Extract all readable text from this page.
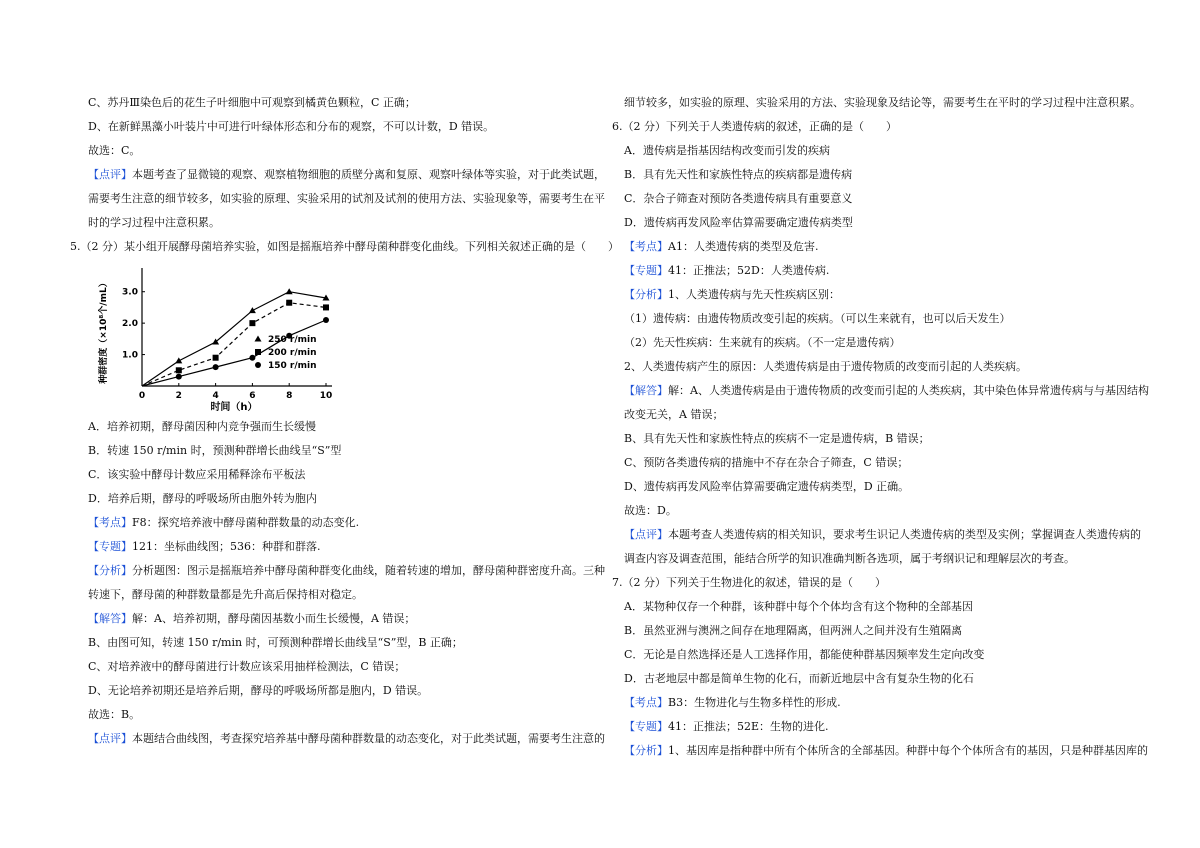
C、苏丹Ⅲ染色后的花生子叶细胞中可观察到橘黄色颗粒，C 正确；
D、在新鲜黑藻小叶装片中可进行叶绿体形态和分布的观察，不可以计数，D 错误。
故选：C。
【点评】本题考查了显微镜的观察、观察植物细胞的质壁分离和复原、观察叶绿体等实验，对于此类试题，
需要考生注意的细节较多，如实验的原理、实验采用的试剂及试剂的使用方法、实验现象等，需要考生在平
时的学习过程中注意积累。
5.（2 分）某小组开展酵母菌培养实验，如图是摇瓶培养中酵母菌种群变化曲线。下列相关叙述正确的是（　　）
0	2	4	6	8	10
1.0
2.0
3.0
时间（h）
种群密度（×10⁸个/mL）	250 r/min
200 r/min
150 r/min
A．培养初期，酵母菌因种内竞争强而生长缓慢
B．转速 150 r/min 时，预测种群增长曲线呈“S”型
C．该实验中酵母计数应采用稀释涂布平板法
D．培养后期，酵母的呼吸场所由胞外转为胞内
【考点】F8：探究培养液中酵母菌种群数量的动态变化.
【专题】121：坐标曲线图；536：种群和群落.
【分析】分析题图：图示是摇瓶培养中酵母菌种群变化曲线，随着转速的增加，酵母菌种群密度升高。三种
转速下，酵母菌的种群数量都是先升高后保持相对稳定。
【解答】解：A、培养初期，酵母菌因基数小而生长缓慢，A 错误；
B、由图可知，转速 150 r/min 时，可预测种群增长曲线呈“S”型，B 正确；
C、对培养液中的酵母菌进行计数应该采用抽样检测法，C 错误；
D、无论培养初期还是培养后期，酵母的呼吸场所都是胞内，D 错误。
故选：B。
【点评】本题结合曲线图，考查探究培养基中酵母菌种群数量的动态变化，对于此类试题，需要考生注意的
细节较多，如实验的原理、实验采用的方法、实验现象及结论等，需要考生在平时的学习过程中注意积累。
6.（2 分）下列关于人类遗传病的叙述，正确的是（　　）
A．遗传病是指基因结构改变而引发的疾病
B．具有先天性和家族性特点的疾病都是遗传病
C．杂合子筛查对预防各类遗传病具有重要意义
D．遗传病再发风险率估算需要确定遗传病类型
【考点】A1：人类遗传病的类型及危害.
【专题】41：正推法；52D：人类遗传病.
【分析】1、人类遗传病与先天性疾病区别：
（1）遗传病：由遗传物质改变引起的疾病。（可以生来就有，也可以后天发生）
（2）先天性疾病：生来就有的疾病。（不一定是遗传病）
2、人类遗传病产生的原因：人类遗传病是由于遗传物质的改变而引起的人类疾病。
【解答】解：A、人类遗传病是由于遗传物质的改变而引起的人类疾病，其中染色体异常遗传病与与基因结构
改变无关，A 错误；
B、具有先天性和家族性特点的疾病不一定是遗传病，B 错误；
C、预防各类遗传病的措施中不存在杂合子筛查，C 错误；
D、遗传病再发风险率估算需要确定遗传病类型，D 正确。
故选：D。
【点评】本题考查人类遗传病的相关知识，要求考生识记人类遗传病的类型及实例；掌握调查人类遗传病的
调查内容及调查范围，能结合所学的知识准确判断各选项，属于考纲识记和理解层次的考查。
7.（2 分）下列关于生物进化的叙述，错误的是（　　）
A．某物种仅存一个种群，该种群中每个个体均含有这个物种的全部基因
B．虽然亚洲与澳洲之间存在地理隔离，但两洲人之间并没有生殖隔离
C．无论是自然选择还是人工选择作用，都能使种群基因频率发生定向改变
D．古老地层中都是简单生物的化石，而新近地层中含有复杂生物的化石
【考点】B3：生物进化与生物多样性的形成.
【专题】41：正推法；52E：生物的进化.
【分析】1、基因库是指种群中所有个体所含的全部基因。种群中每个个体所含有的基因，只是种群基因库的
